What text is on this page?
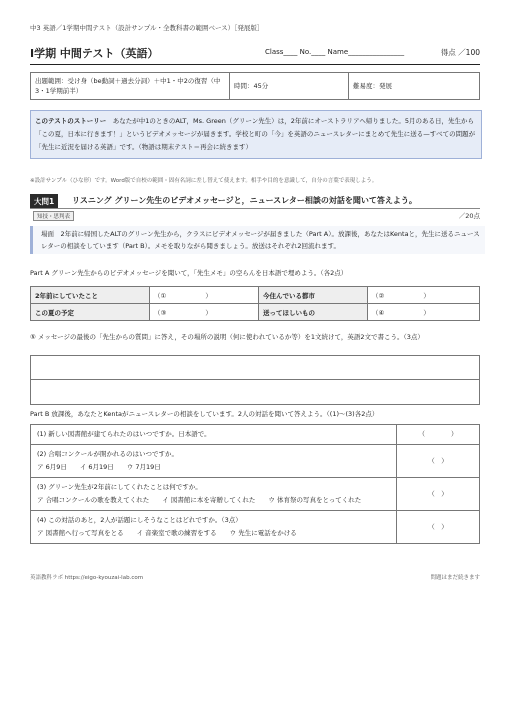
中3 英語／1学期中間テスト（設計サンプル・全教科書の範囲ベース）［発展版］
I学期 中間テスト（英語）	Class____ No.____ Name________________	得点 ／100
出題範囲：受け身（be動詞＋過去分詞）＋中1・中2の復習（中3・1学期前半）	時間：45分	難易度：発展
このテストのストーリー　 あなたが中1のときのALT，Ms. Green（グリーン先生）は，2年前にオーストラリアへ帰りました。5月のある日，先生から「この夏，日本に行きます！」というビデオメッセージが届きます。学校と町の「今」を英語のニュースレターにまとめて先生に送る—すべての問題が「先生に近況を届ける英語」です。（物語は期末テスト＝再会に続きます）
※設計サンプル（ひな形）です。Word版で自校の範囲・固有名詞に差し替えて使えます。相手や目的を意識して，自分の言葉で表現しよう。
大問1	リスニング グリーン先生のビデオメッセージと，ニュースレター相談の対話を聞いて答えよう。
知技・思判表	／20点
場面　2年前に帰国したALTのグリーン先生から，クラスにビデオメッセージが届きました（Part A）。放課後，あなたはKentaと，先生に送るニュースレターの相談をしています（Part B）。メモを取りながら聞きましょう。放送はそれぞれ2回流れます。
Part A グリーン先生からのビデオメッセージを聞いて，「先生メモ」の空らんを日本語で埋めよう。（各2点）
2年前にしていたこと	（①　　　　　　）	今住んでいる都市	（②　　　　　　）
この夏の予定	（③　　　　　　）	送ってほしいもの	（④　　　　　　）
⑤ メッセージの最後の「先生からの質問」に答え，その場所の説明（何に使われているか等）を1文続けて，英語2文で書こう。（3点）
Part B 放課後，あなたとKentaがニュースレターの相談をしています。2人の対話を聞いて答えよう。（(1)〜(3)各2点）
(1) 新しい図書館が建てられたのはいつですか。日本語で。	（　　　　）
(2) 合唱コンクールが開かれるのはいつですか。
ア 6月9日　　イ 6月19日　　ウ 7月19日	（　）
(3) グリーン先生が2年前にしてくれたことは何ですか。
ア 合唱コンクールの歌を教えてくれた　　イ 図書館に本を寄贈してくれた　　ウ 体育祭の写真をとってくれた	（　）
(4) この対話のあと，2人が話題にしそうなことはどれですか。（3点）
ア 図書館へ行って写真をとる　　イ 音楽室で歌の練習をする　　ウ 先生に電話をかける	（　）
英語教科ラボ https://eigo-kyouzai-lab.com	問題はまだ続きます
